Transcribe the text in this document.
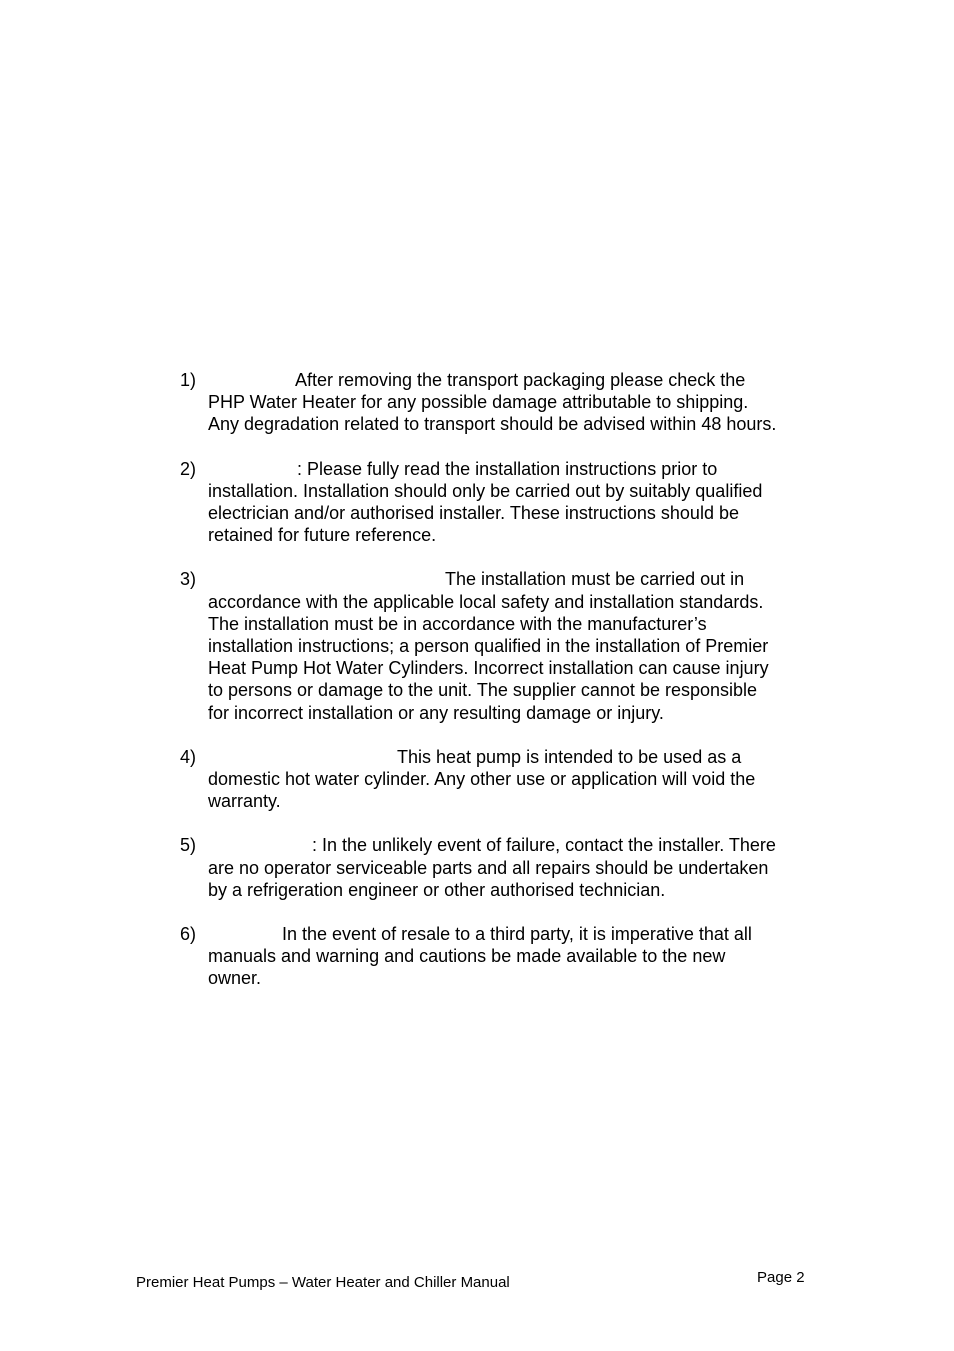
1)	After removing the transport packaging please check the PHP Water Heater for any possible damage attributable to shipping. Any degradation related to transport should be advised within 48 hours.
2)	: Please fully read the installation instructions prior to installation. Installation should only be carried out by suitably qualified electrician and/or authorised installer. These instructions should be retained for future reference.
3)	The installation must be carried out in accordance with the applicable local safety and installation standards. The installation must be in accordance with the manufacturer’s installation instructions; a person qualified in the installation of Premier Heat Pump Hot Water Cylinders. Incorrect installation can cause injury to persons or damage to the unit. The supplier cannot be responsible for incorrect installation or any resulting damage or injury.
4)	This heat pump is intended to be used as a domestic hot water cylinder. Any other use or application will void the warranty.
5)	: In the unlikely event of failure, contact the installer. There are no operator serviceable parts and all repairs should be undertaken by a refrigeration engineer or other authorised technician.
6)	In the event of resale to a third party, it is imperative that all manuals and warning and cautions be made available to the new owner.
Premier Heat Pumps – Water Heater and Chiller Manual	Page 2
